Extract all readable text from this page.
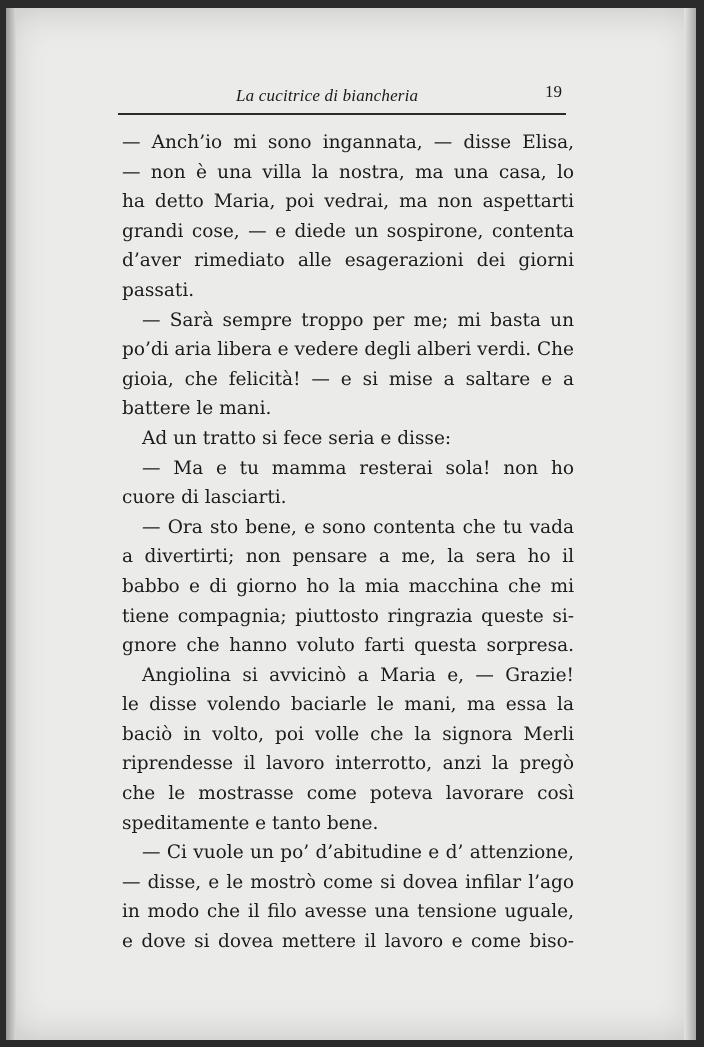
La cucitrice di biancheria	19
— Anch’io mi sono ingannata, — disse Elisa,
— non è una villa la nostra, ma una casa, lo
ha detto Maria, poi vedrai, ma non aspettarti
grandi cose, — e diede un sospirone, contenta
d’aver rimediato alle esagerazioni dei giorni
passati.
— Sarà sempre troppo per me; mi basta un
po’di aria libera e vedere degli alberi verdi. Che
gioia, che felicità! — e si mise a saltare e a
battere le mani.
Ad un tratto si fece seria e disse:
— Ma e tu mamma resterai sola! non ho
cuore di lasciarti.
— Ora sto bene, e sono contenta che tu vada
a divertirti; non pensare a me, la sera ho il
babbo e di giorno ho la mia macchina che mi
tiene compagnia; piuttosto ringrazia queste si-
gnore che hanno voluto farti questa sorpresa.
Angiolina si avvicinò a Maria e, — Grazie!
le disse volendo baciarle le mani, ma essa la
baciò in volto, poi volle che la signora Merli
riprendesse il lavoro interrotto, anzi la pregò
che le mostrasse come poteva lavorare così
speditamente e tanto bene.
— Ci vuole un po’ d’abitudine e d’ attenzione,
— disse, e le mostrò come si dovea infilar l’ago
in modo che il filo avesse una tensione uguale,
e dove si dovea mettere il lavoro e come biso-
